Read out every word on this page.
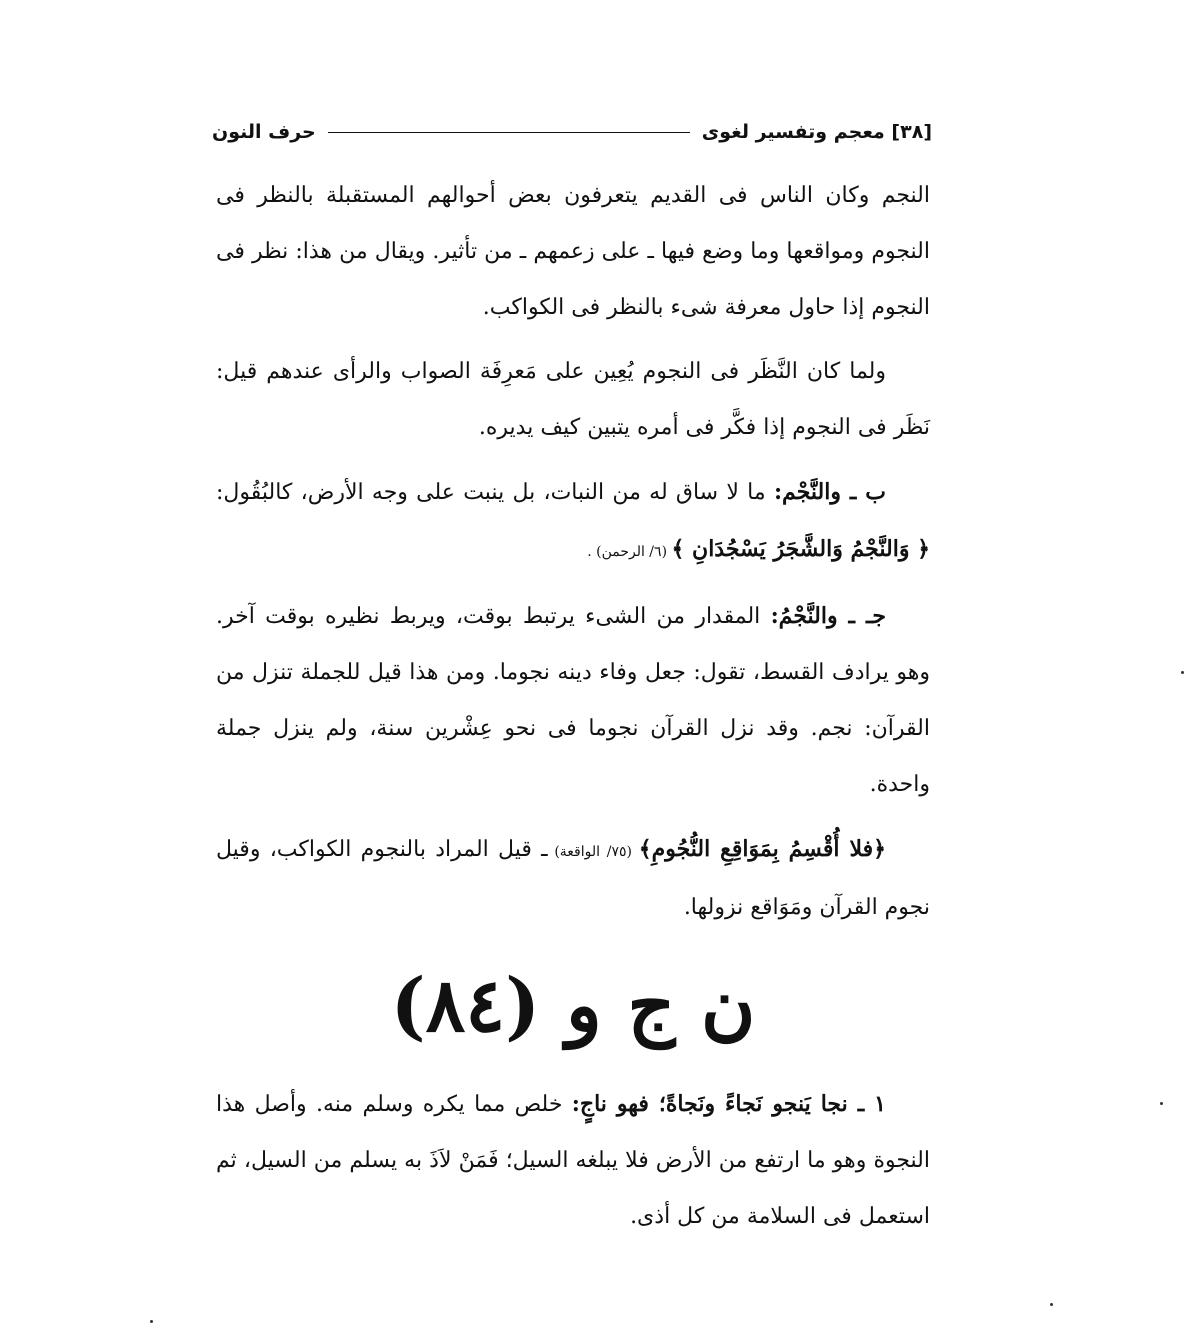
[٣٨] معجم وتفسير لغوى
حرف النون

النجم وكان الناس فى القديم يتعرفون بعض أحوالهم المستقبلة بالنظر فى النجوم ومواقعها وما وضع فيها ـ على زعمهم ـ من تأثير. ويقال من هذا: نظر فى النجوم إذا حاول معرفة شىء بالنظر فى الكواكب.

ولما كان النَّظَر فى النجوم يُعِين على مَعرِفَة الصواب والرأى عندهم قيل: نَظَر فى النجوم إذا فكَّر فى أمره يتبين كيف يديره.

ب ـ والنَّجْم: ما لا ساق له من النبات، بل ينبت على وجه الأرض، كالبُقُول: ﴿ وَالنَّجْمُ وَالشَّجَرُ يَسْجُدَانِ ﴾ (٦/ الرحمن) .

جـ ـ والنَّجْمُ: المقدار من الشىء يرتبط بوقت، ويربط نظيره بوقت آخر. وهو يرادف القسط، تقول: جعل وفاء دينه نجوما. ومن هذا قيل للجملة تنزل من القرآن: نجم. وقد نزل القرآن نجوما فى نحو عِشْرين سنة، ولم ينزل جملة واحدة.

﴿فلا أُقْسِمُ بِمَوَاقِعِ النُّجُومِ﴾ (٧٥/ الواقعة) ـ قيل المراد بالنجوم الكواكب، وقيل نجوم القرآن ومَوَاقع نزولها.

ن ج و (٨٤)

١ ـ نجا يَنجو نَجاءً ونَجاةً؛ فهو ناجٍ: خلص مما يكره وسلم منه. وأصل هذا النجوة وهو ما ارتفع من الأرض فلا يبلغه السيل؛ فَمَنْ لاَذَ به يسلم من السيل، ثم استعمل فى السلامة من كل أذى.
